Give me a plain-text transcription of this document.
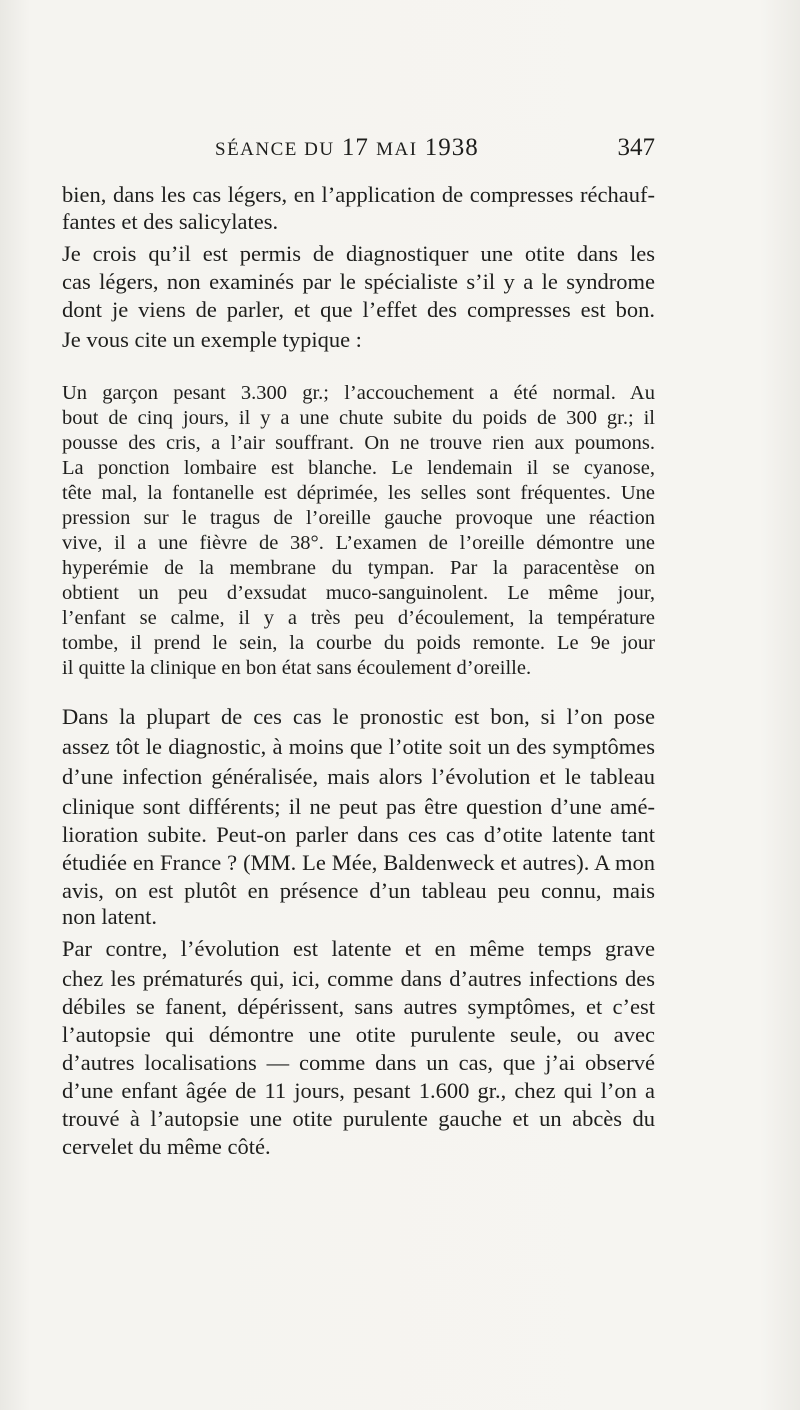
SÉANCE DU 17 MAI 1938	347
bien, dans les cas légers, en l’application de compresses réchauf-
fantes et des salicylates.
Je crois qu’il est permis de diagnostiquer une otite dans les
cas légers, non examinés par le spécialiste s’il y a le syndrome
dont je viens de parler, et que l’effet des compresses est bon.
Je vous cite un exemple typique :
Un garçon pesant 3.300 gr.; l’accouchement a été normal. Au
bout de cinq jours, il y a une chute subite du poids de 300 gr.; il
pousse des cris, a l’air souffrant. On ne trouve rien aux poumons.
La ponction lombaire est blanche. Le lendemain il se cyanose,
tête mal, la fontanelle est déprimée, les selles sont fréquentes. Une
pression sur le tragus de l’oreille gauche provoque une réaction
vive, il a une fièvre de 38°. L’examen de l’oreille démontre une
hyperémie de la membrane du tympan. Par la paracentèse on
obtient un peu d’exsudat muco-sanguinolent. Le même jour,
l’enfant se calme, il y a très peu d’écoulement, la température
tombe, il prend le sein, la courbe du poids remonte. Le 9e jour
il quitte la clinique en bon état sans écoulement d’oreille.
Dans la plupart de ces cas le pronostic est bon, si l’on pose
assez tôt le diagnostic, à moins que l’otite soit un des symptômes
d’une infection généralisée, mais alors l’évolution et le tableau
clinique sont différents; il ne peut pas être question d’une amé-
lioration subite. Peut-on parler dans ces cas d’otite latente tant
étudiée en France ? (MM. Le Mée, Baldenweck et autres). A mon
avis, on est plutôt en présence d’un tableau peu connu, mais
non latent.
Par contre, l’évolution est latente et en même temps grave
chez les prématurés qui, ici, comme dans d’autres infections des
débiles se fanent, dépérissent, sans autres symptômes, et c’est
l’autopsie qui démontre une otite purulente seule, ou avec
d’autres localisations — comme dans un cas, que j’ai observé
d’une enfant âgée de 11 jours, pesant 1.600 gr., chez qui l’on a
trouvé à l’autopsie une otite purulente gauche et un abcès du
cervelet du même côté.
